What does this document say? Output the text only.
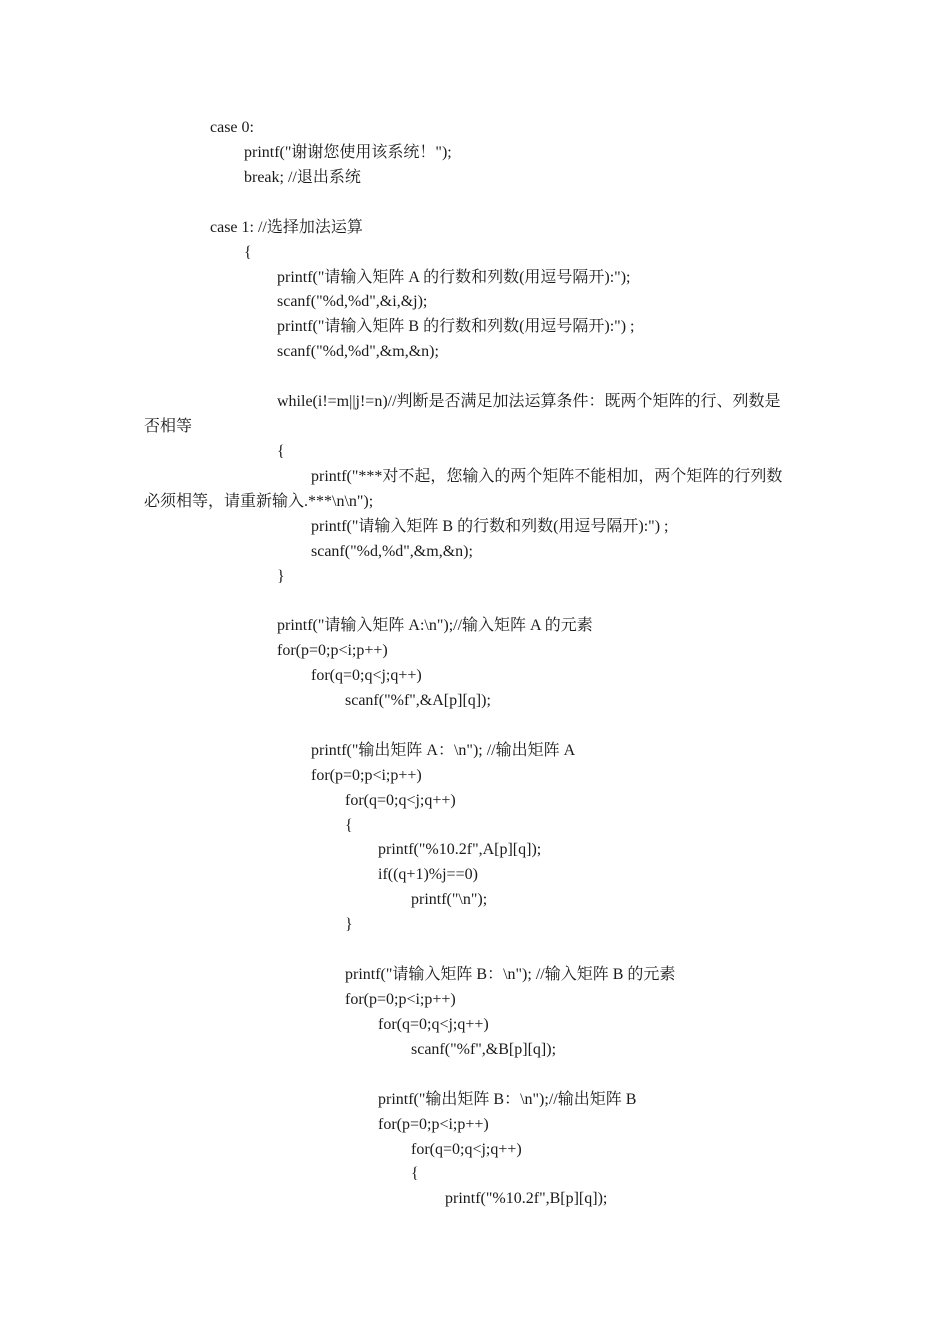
case 0:
printf("谢谢您使用该系统！");
break; //退出系统
case 1: //选择加法运算
{
printf("请输入矩阵 A 的行数和列数(用逗号隔开):");
scanf("%d,%d",&i,&j);
printf("请输入矩阵 B 的行数和列数(用逗号隔开):") ;
scanf("%d,%d",&m,&n);
while(i!=m||j!=n)//判断是否满足加法运算条件：既两个矩阵的行、列数是
否相等
{
printf("***对不起，您输入的两个矩阵不能相加，两个矩阵的行列数
必须相等，请重新输入.***\n\n");
printf("请输入矩阵 B 的行数和列数(用逗号隔开):") ;
scanf("%d,%d",&m,&n);
}
printf("请输入矩阵 A:\n");//输入矩阵 A 的元素
for(p=0;p<i;p++)
for(q=0;q<j;q++)
scanf("%f",&A[p][q]);
printf("输出矩阵 A：\n"); //输出矩阵 A
for(p=0;p<i;p++)
for(q=0;q<j;q++)
{
printf("%10.2f",A[p][q]);
if((q+1)%j==0)
printf("\n");
}
printf("请输入矩阵 B：\n"); //输入矩阵 B 的元素
for(p=0;p<i;p++)
for(q=0;q<j;q++)
scanf("%f",&B[p][q]);
printf("输出矩阵 B：\n");//输出矩阵 B
for(p=0;p<i;p++)
for(q=0;q<j;q++)
{
printf("%10.2f",B[p][q]);
